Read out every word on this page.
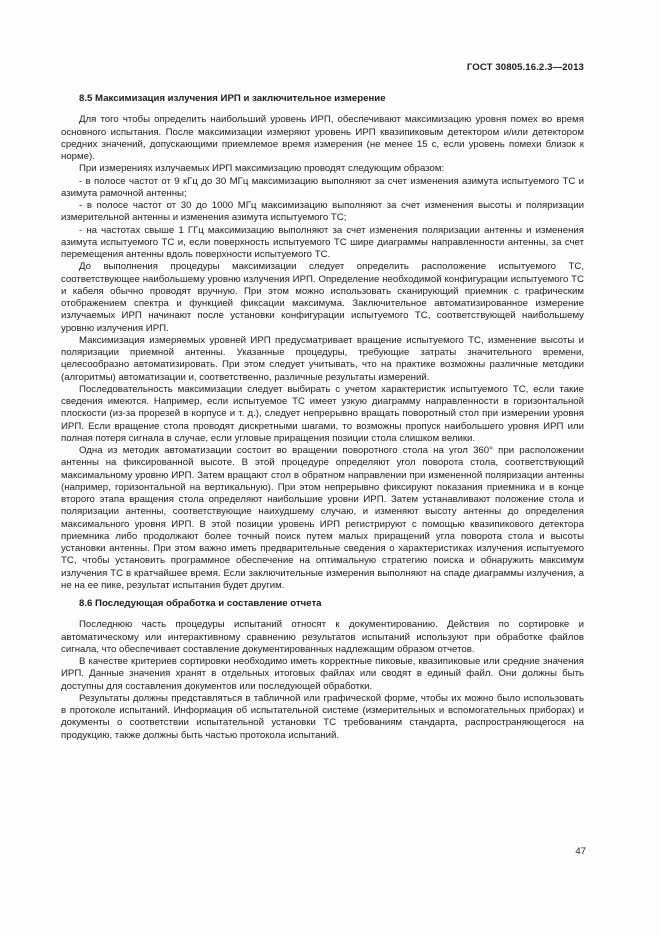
ГОСТ 30805.16.2.3—2013
8.5 Максимизация излучения ИРП и заключительное измерение

Для того чтобы определить наибольший уровень ИРП, обеспечивают максимизацию уровня помех во время основного испытания. После максимизации измеряют уровень ИРП квазипиковым детектором и/или детектором средних значений, допускающими приемлемое время измерения (не менее 15 с, если уровень помехи близок к норме).

При измерениях излучаемых ИРП максимизацию проводят следующим образом:

- в полосе частот от 9 кГц до 30 МГц максимизацию выполняют за счет изменения азимута испытуемого ТС и азимута рамочной антенны;

- в полосе частот от 30 до 1000 МГц максимизацию выполняют за счет изменения высоты и поляризации измерительной антенны и изменения азимута испытуемого ТС;

- на частотах свыше 1 ГГц максимизацию выполняют за счет изменения поляризации антенны и изменения азимута испытуемого ТС и, если поверхность испытуемого ТС шире диаграммы направленности антенны, за счет перемещения антенны вдоль поверхности испытуемого ТС.

До выполнения процедуры максимизации следует определить расположение испытуемого ТС, соответствующее наибольшему уровню излучения ИРП. Определение необходимой конфигурации испытуемого ТС и кабеля обычно проводят вручную. При этом можно использовать сканирующий приемник с графическим отображением спектра и функцией фиксации максимума. Заключительное автоматизированное измерение излучаемых ИРП начинают после установки конфигурации испытуемого ТС, соответствующей наибольшему уровню излучения ИРП.

Максимизация измеряемых уровней ИРП предусматривает вращение испытуемого ТС, изменение высоты и поляризации приемной антенны. Указанные процедуры, требующие затраты значительного времени, целесообразно автоматизировать. При этом следует учитывать, что на практике возможны различные методики (алгоритмы) автоматизации и, соответственно, различные результаты измерений.

Последовательность максимизации следует выбирать с учетом характеристик испытуемого ТС, если такие сведения имеются. Например, если испытуемое ТС имеет узкую диаграмму направленности в горизонтальной плоскости (из-за прорезей в корпусе и т. д.), следует непрерывно вращать поворотный стол при измерении уровня ИРП. Если вращение стола проводят дискретными шагами, то возможны пропуск наибольшего уровня ИРП или полная потеря сигнала в случае, если угловые приращения позиции стола слишком велики.

Одна из методик автоматизации состоит во вращении поворотного стола на угол 360° при расположении антенны на фиксированной высоте. В этой процедуре определяют угол поворота стола, соответствующий максимальному уровню ИРП. Затем вращают стол в обратном направлении при измененной поляризации антенны (например, горизонтальной на вертикальную). При этом непрерывно фиксируют показания приемника и в конце второго этапа вращения стола определяют наибольшие уровни ИРП. Затем устанавливают положение стола и поляризации антенны, соответствующие наихудшему случаю, и изменяют высоту антенны до определения максимального уровня ИРП. В этой позиции уровень ИРП регистрируют с помощью квазипикового детектора приемника либо продолжают более точный поиск путем малых приращений угла поворота стола и высоты установки антенны. При этом важно иметь предварительные сведения о характеристиках излучения испытуемого ТС, чтобы установить программное обеспечение на оптимальную стратегию поиска и обнаружить максимум излучения ТС в кратчайшее время. Если заключительные измерения выполняют на спаде диаграммы излучения, а не на ее пике, результат испытания будет другим.

8.6 Последующая обработка и составление отчета

Последнюю часть процедуры испытаний относят к документированию. Действия по сортировке и автоматическому или интерактивному сравнению результатов испытаний используют при обработке файлов сигнала, что обеспечивает составление документированных надлежащим образом отчетов.

В качестве критериев сортировки необходимо иметь корректные пиковые, квазипиковые или средние значения ИРП. Данные значения хранят в отдельных итоговых файлах или сводят в единый файл. Они должны быть доступны для составления документов или последующей обработки.

Результаты должны представляться в табличной или графической форме, чтобы их можно было использовать в протоколе испытаний. Информация об испытательной системе (измерительных и вспомогательных приборах) и документы о соответствии испытательной установки ТС требованиям стандарта, распространяющегося на продукцию, также должны быть частью протокола испытаний.

47
